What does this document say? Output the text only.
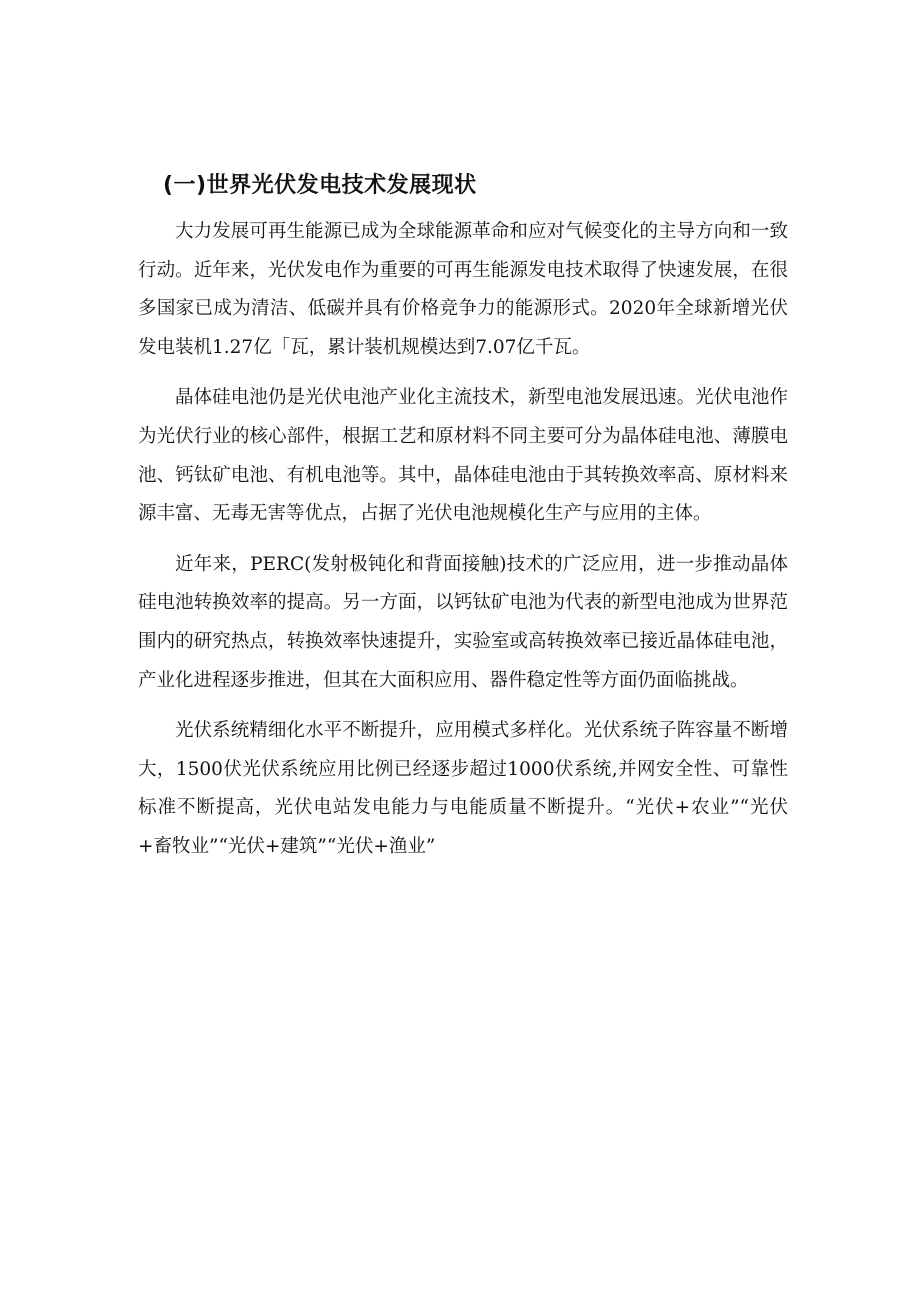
(一)世界光伏发电技术发展现状

大力发展可再生能源已成为全球能源革命和应对气候变化的主导方向和一致行动。近年来，光伏发电作为重要的可再生能源发电技术取得了快速发展，在很多国家已成为清洁、低碳并具有价格竞争力的能源形式。2020年全球新增光伏发电装机1.27亿「瓦，累计装机规模达到7.07亿千瓦。

晶体硅电池仍是光伏电池产业化主流技术，新型电池发展迅速。光伏电池作为光伏行业的核心部件，根据工艺和原材料不同主要可分为晶体硅电池、薄膜电池、钙钛矿电池、有机电池等。其中，晶体硅电池由于其转换效率高、原材料来源丰富、无毒无害等优点，占据了光伏电池规模化生产与应用的主体。

近年来，PERC(发射极钝化和背面接触)技术的广泛应用，进一步推动晶体硅电池转换效率的提高。另一方面，以钙钛矿电池为代表的新型电池成为世界范围内的研究热点，转换效率快速提升，实验室或高转换效率已接近晶体硅电池，产业化进程逐步推进，但其在大面积应用、器件稳定性等方面仍面临挑战。

光伏系统精细化水平不断提升，应用模式多样化。光伏系统子阵容量不断增大，1500伏光伏系统应用比例已经逐步超过1000伏系统,并网安全性、可靠性标准不断提高，光伏电站发电能力与电能质量不断提升。“光伏+农业”“光伏+畜牧业”“光伏+建筑”“光伏+渔业”
